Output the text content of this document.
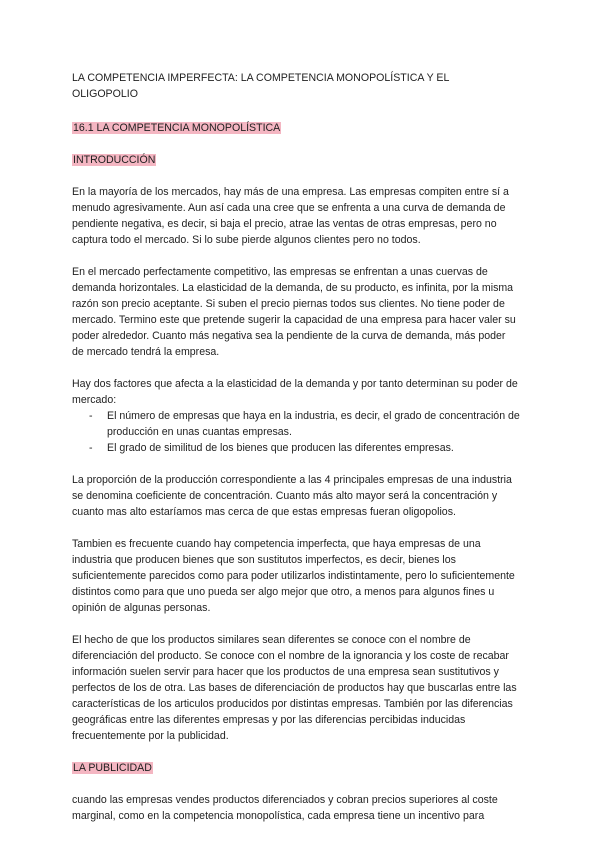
LA COMPETENCIA IMPERFECTA: LA COMPETENCIA MONOPOLÍSTICA Y EL
OLIGOPOLIO
16.1 LA COMPETENCIA MONOPOLÍSTICA
INTRODUCCIÓN

En la mayoría de los mercados, hay más de una empresa. Las empresas compiten entre sí a menudo agresivamente. Aun así cada una cree que se enfrenta a una curva de demanda de pendiente negativa, es decir, si baja el precio, atrae las ventas de otras empresas, pero no captura todo el mercado. Si lo sube pierde algunos clientes pero no todos.

En el mercado perfectamente competitivo, las empresas se enfrentan a unas cuervas de demanda horizontales. La elasticidad de la demanda, de su producto, es infinita, por la misma razón son precio aceptante. Si suben el precio piernas todos sus clientes. No tiene poder de mercado. Termino este que pretende sugerir la capacidad de una empresa para hacer valer su poder alrededor. Cuanto más negativa sea la pendiente de la curva de demanda, más poder de mercado tendrá la empresa.

Hay dos factores que afecta a la elasticidad de la demanda y por tanto determinan su poder de mercado:

- El número de empresas que haya en la industria, es decir, el grado de concentración de producción en unas cuantas empresas.
- El grado de similitud de los bienes que producen las diferentes empresas.

La proporción de la producción correspondiente a las 4 principales empresas de una industria se denomina coeficiente de concentración. Cuanto más alto mayor será la concentración y cuanto mas alto estaríamos mas cerca de que estas empresas fueran oligopolios.

Tambien es frecuente cuando hay competencia imperfecta, que haya empresas de una industria que producen bienes que son sustitutos imperfectos, es decir, bienes los suficientemente parecidos como para poder utilizarlos indistintamente, pero lo suficientemente distintos como para que uno pueda ser algo mejor que otro, a menos para algunos fines u opinión de algunas personas.

El hecho de que los productos similares sean diferentes se conoce con el nombre de diferenciación del producto. Se conoce con el nombre de la ignorancia y los coste de recabar información suelen servir para hacer que los productos de una empresa sean sustitutivos y perfectos de los de otra. Las bases de diferenciación de productos hay que buscarlas entre las características de los articulos producidos por distintas empresas. También por las diferencias geográficas entre las diferentes empresas y por las diferencias percibidas inducidas frecuentemente por la publicidad.

LA PUBLICIDAD

cuando las empresas vendes productos diferenciados y cobran precios superiores al coste marginal, como en la competencia monopolística, cada empresa tiene un incentivo para
